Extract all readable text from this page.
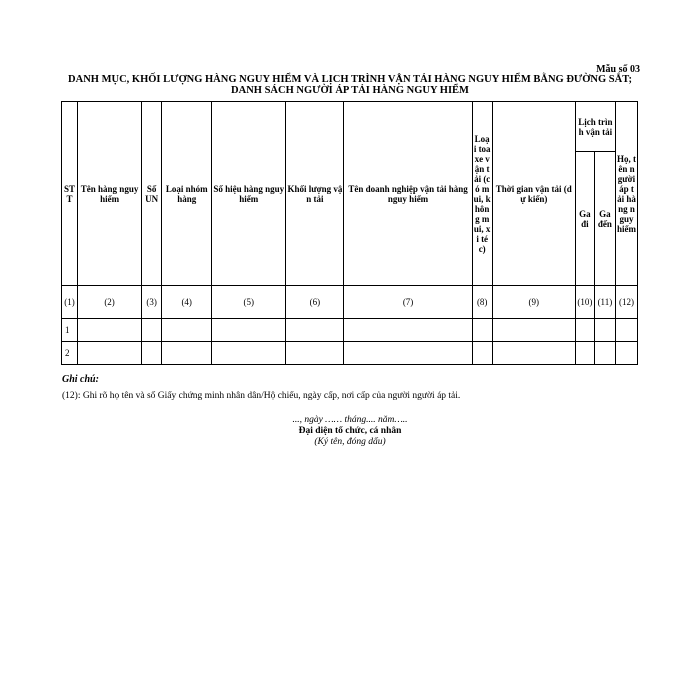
Mẫu số 03
DANH MỤC, KHỐI LƯỢNG HÀNG NGUY HIỂM VÀ LỊCH TRÌNH VẬN TẢI HÀNG NGUY HIỂM BẰNG ĐƯỜNG SẮT;
DANH SÁCH NGƯỜI ÁP TẢI HÀNG NGUY HIỂM
STT	Tên hàng nguy hiểm	Số UN	Loại nhóm hàng	Số hiệu hàng nguy hiểm	Khối lượng vận tải	Tên doanh nghiệp vận tải hàng nguy hiểm	Loại toa xe vận tải (có mui, không mui, xi téc)	Thời gian vận tải (dự kiến)	Lịch trình vận tải		Họ, tên người áp tải hàng nguy hiểm
									Ga đi	Ga đến	
(1)	(2)	(3)	(4)	(5)	(6)	(7)	(8)	(9)	(10)	(11)	(12)
1											
2											
Ghi chú:
(12): Ghi rõ họ tên và số Giấy chứng minh nhân dân/Hộ chiếu, ngày cấp, nơi cấp của người người áp tải.
..., ngày …… tháng.... năm…..
Đại diện tổ chức, cá nhân
(Ký tên, đóng dấu)
